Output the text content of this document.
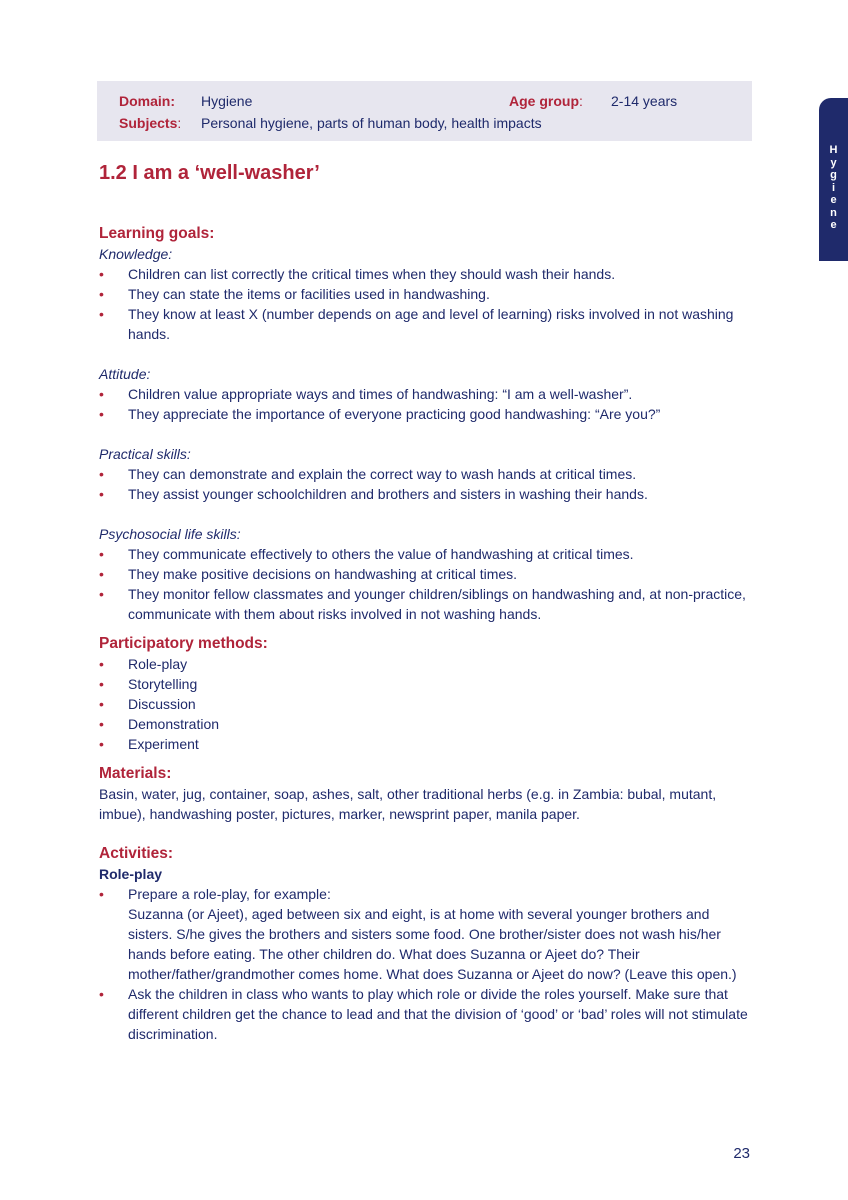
Domain: Hygiene	Age group: 2-14 years
Subjects: Personal hygiene, parts of human body, health impacts
H
y
g
i
e
n
e
1.2 I am a ‘well-washer’
Learning goals:
Knowledge:
• Children can list correctly the critical times when they should wash their hands.
• They can state the items or facilities used in handwashing.
• They know at least X (number depends on age and level of learning) risks involved in not washing hands.
Attitude:
• Children value appropriate ways and times of handwashing: “I am a well-washer”.
• They appreciate the importance of everyone practicing good handwashing: “Are you?”
Practical skills:
• They can demonstrate and explain the correct way to wash hands at critical times.
• They assist younger schoolchildren and brothers and sisters in washing their hands.
Psychosocial life skills:
• They communicate effectively to others the value of handwashing at critical times.
• They make positive decisions on handwashing at critical times.
• They monitor fellow classmates and younger children/siblings on handwashing and, at non-practice, communicate with them about risks involved in not washing hands.
Participatory methods:
• Role-play
• Storytelling
• Discussion
• Demonstration
• Experiment
Materials:
Basin, water, jug, container, soap, ashes, salt, other traditional herbs (e.g. in Zambia: bubal, mutant, imbue), handwashing poster, pictures, marker, newsprint paper, manila paper.
Activities:
Role-play
• Prepare a role-play, for example:
Suzanna (or Ajeet), aged between six and eight, is at home with several younger brothers and sisters. S/he gives the brothers and sisters some food. One brother/sister does not wash his/her hands before eating. The other children do. What does Suzanna or Ajeet do? Their mother/father/grandmother comes home. What does Suzanna or Ajeet do now? (Leave this open.)
• Ask the children in class who wants to play which role or divide the roles yourself. Make sure that different children get the chance to lead and that the division of ‘good’ or ‘bad’ roles will not stimulate discrimination.
23
